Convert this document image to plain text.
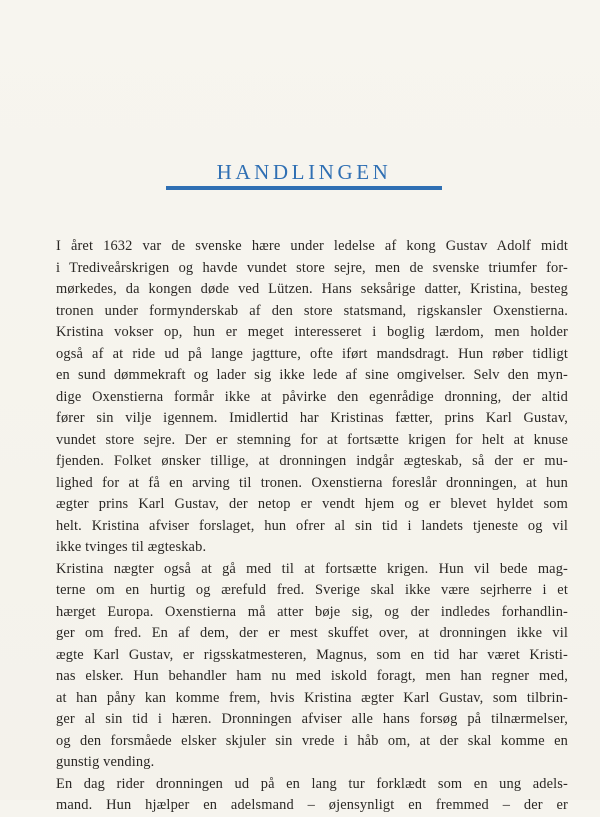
HANDLINGEN
I året 1632 var de svenske hære under ledelse af kong Gustav Adolf midt
i Trediveårskrigen og havde vundet store sejre, men de svenske triumfer for-
mørkedes, da kongen døde ved Lützen. Hans seksårige datter, Kristina, besteg
tronen under formynderskab af den store statsmand, rigskansler Oxenstierna.
Kristina vokser op, hun er meget interesseret i boglig lærdom, men holder
også af at ride ud på lange jagtture, ofte iført mandsdragt. Hun røber tidligt
en sund dømmekraft og lader sig ikke lede af sine omgivelser. Selv den myn-
dige Oxenstierna formår ikke at påvirke den egenrådige dronning, der altid
fører sin vilje igennem. Imidlertid har Kristinas fætter, prins Karl Gustav,
vundet store sejre. Der er stemning for at fortsætte krigen for helt at knuse
fjenden. Folket ønsker tillige, at dronningen indgår ægteskab, så der er mu-
lighed for at få en arving til tronen. Oxenstierna foreslår dronningen, at hun
ægter prins Karl Gustav, der netop er vendt hjem og er blevet hyldet som
helt. Kristina afviser forslaget, hun ofrer al sin tid i landets tjeneste og vil
ikke tvinges til ægteskab.
Kristina nægter også at gå med til at fortsætte krigen. Hun vil bede mag-
terne om en hurtig og ærefuld fred. Sverige skal ikke være sejrherre i et
hærget Europa. Oxenstierna må atter bøje sig, og der indledes forhandlin-
ger om fred. En af dem, der er mest skuffet over, at dronningen ikke vil
ægte Karl Gustav, er rigsskatmesteren, Magnus, som en tid har været Kristi-
nas elsker. Hun behandler ham nu med iskold foragt, men han regner med,
at han påny kan komme frem, hvis Kristina ægter Karl Gustav, som tilbrin-
ger al sin tid i hæren. Dronningen afviser alle hans forsøg på tilnærmelser,
og den forsmåede elsker skjuler sin vrede i håb om, at der skal komme en
gunstig vending.
En dag rider dronningen ud på en lang tur forklædt som en ung adels-
mand. Hun hjælper en adelsmand – øjensynligt en fremmed – der er
